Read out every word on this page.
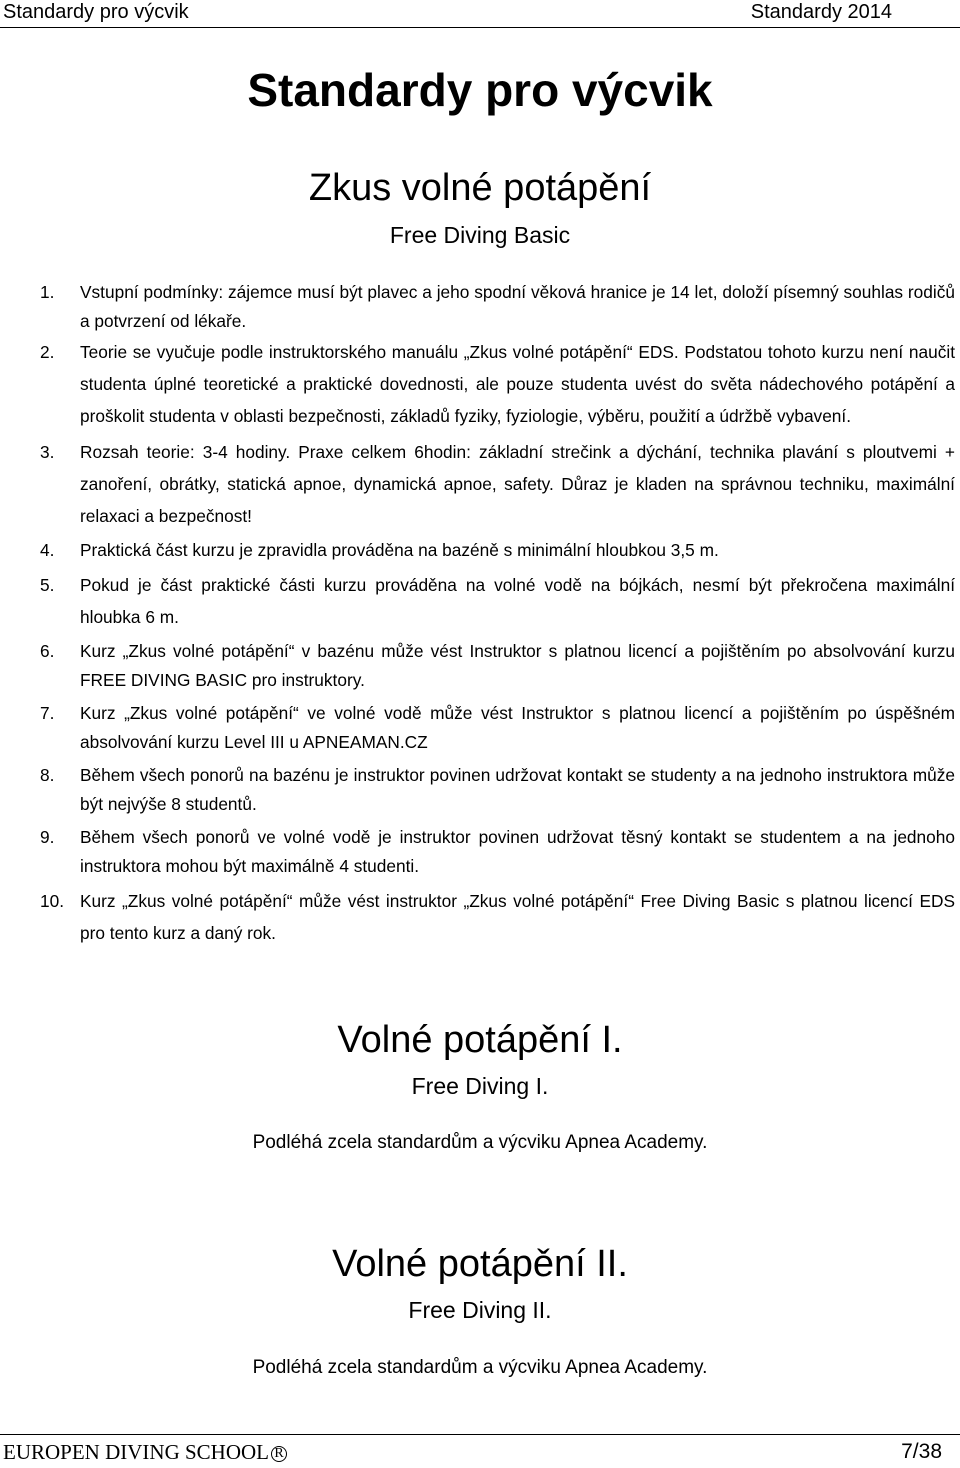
Standardy pro výcvik	Standardy 2014
Standardy pro výcvik
Zkus volné potápění
Free Diving Basic
1.	Vstupní podmínky: zájemce musí být plavec a jeho spodní věková hranice je 14 let, doloží písemný souhlas rodičů a potvrzení od lékaře.
2.	Teorie se vyučuje podle instruktorského manuálu „Zkus volné potápění“ EDS. Podstatou tohoto kurzu není naučit studenta úplné teoretické a praktické dovednosti, ale pouze studenta uvést do světa nádechového potápění a proškolit studenta v oblasti bezpečnosti, základů fyziky, fyziologie, výběru, použití a údržbě vybavení.
3.	Rozsah teorie: 3-4 hodiny. Praxe celkem 6hodin: základní strečink a dýchání, technika plavání s ploutvemi + zanoření, obrátky, statická apnoe, dynamická apnoe, safety. Důraz je kladen na správnou techniku, maximální relaxaci a bezpečnost!
4.	Praktická část kurzu je zpravidla prováděna na bazéně s minimální hloubkou 3,5 m.
5.	Pokud je část praktické části kurzu prováděna na volné vodě na bójkách, nesmí být překročena maximální hloubka 6 m.
6.	Kurz „Zkus volné potápění“ v bazénu může vést Instruktor s platnou licencí a pojištěním po absolvování kurzu FREE DIVING BASIC pro instruktory.
7.	Kurz „Zkus volné potápění“ ve volné vodě může vést Instruktor s platnou licencí a pojištěním po úspěšném absolvování kurzu Level III u APNEAMAN.CZ
8.	Během všech ponorů na bazénu je instruktor povinen udržovat kontakt se studenty a na jednoho instruktora může být nejvýše 8 studentů.
9.	Během všech ponorů ve volné vodě je instruktor povinen udržovat těsný kontakt se studentem a na jednoho instruktora mohou být maximálně 4 studenti.
10. Kurz „Zkus volné potápění“ může vést instruktor „Zkus volné potápění“ Free Diving Basic s platnou licencí EDS pro tento kurz a daný rok.
Volné potápění I.
Free Diving I.
Podléhá zcela standardům a výcviku Apnea Academy.
Volné potápění II.
Free Diving II.
Podléhá zcela standardům a výcviku Apnea Academy.
EUROPEN DIVING SCHOOL R	7/38
